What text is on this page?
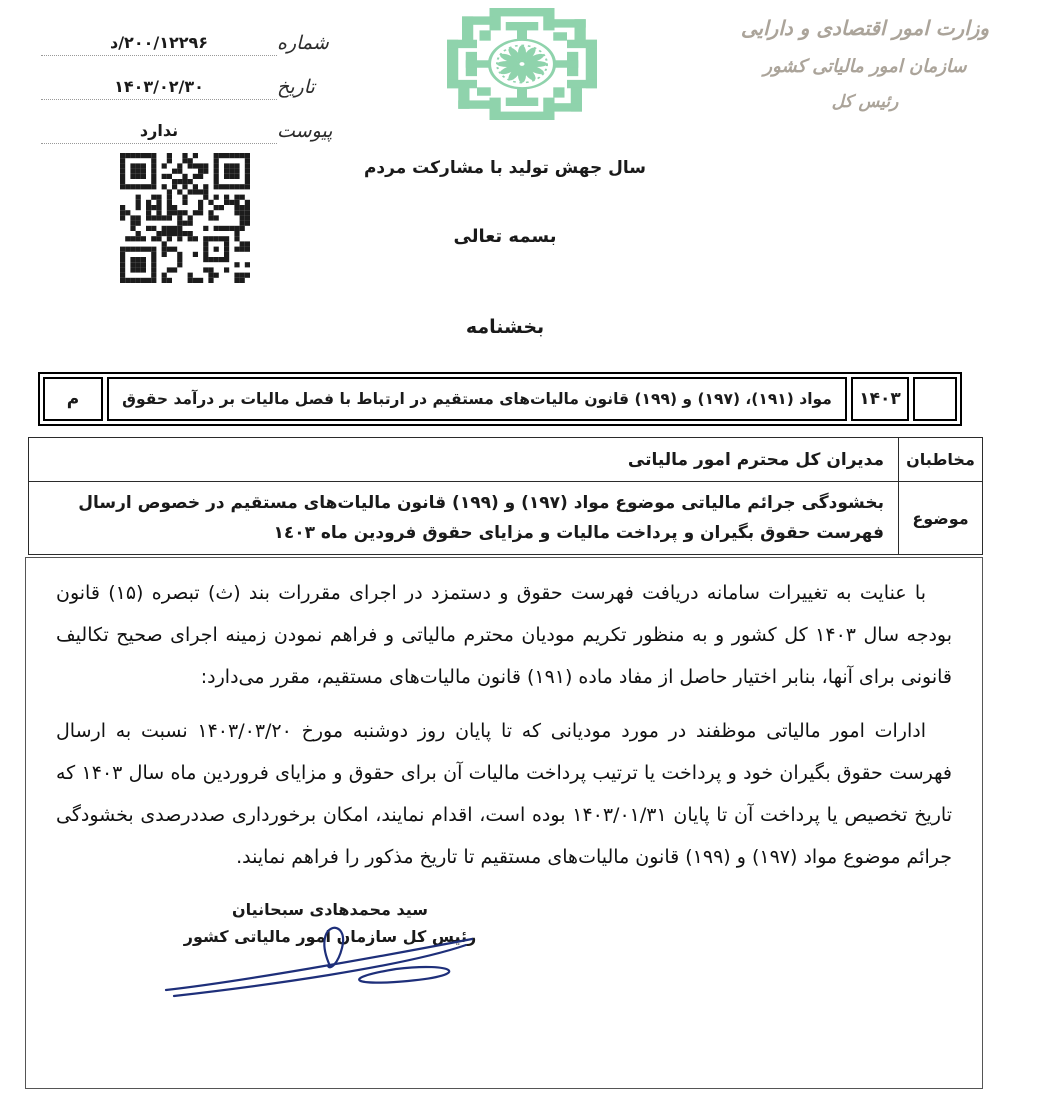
وزارت امور اقتصادی و دارایی
سازمان امور مالیاتی کشور
رئیس کل
شماره
۲۰۰/۱۲۲۹۶/د
تاریخ
۱۴۰۳/۰۲/۳۰
پیوست
ندارد
سال جهش تولید با مشارکت مردم
بسمه تعالی
بخشنامه
۱۴۰۳
مواد (۱۹۱)، (۱۹۷) و (۱۹۹) قانون مالیات‌های مستقیم در ارتباط با فصل مالیات بر درآمد حقوق
م
مخاطبان
مدیران کل محترم امور مالیاتی
موضوع
بخشودگی جرائم مالیاتی موضوع مواد (۱۹۷) و (۱۹۹) قانون مالیات‌های مستقیم در خصوص ارسال فهرست حقوق بگیران و پرداخت مالیات و مزایای حقوق فرودین ماه ١٤٠٣

با عنایت به تغییرات سامانه دریافت فهرست حقوق و دستمزد در اجرای مقررات بند (ث) تبصره (۱۵) قانون بودجه سال ۱۴۰۳ کل کشور و به منظور تکریم مودیان محترم مالیاتی و فراهم نمودن زمینه اجرای صحیح تکالیف قانونی برای آنها، بنابر اختیار حاصل از مفاد ماده (۱۹۱) قانون مالیات‌های مستقیم، مقرر می‌دارد:

ادارات امور مالیاتی موظفند در مورد مودیانی که تا پایان روز دوشنبه مورخ ۱۴۰۳/۰۳/۲۰ نسبت به ارسال فهرست حقوق بگیران خود و پرداخت یا ترتیب پرداخت مالیات آن برای حقوق و مزایای فروردین ماه سال ۱۴۰۳ که تاریخ تخصیص یا پرداخت آن تا پایان ۱۴۰۳/۰۱/۳۱ بوده است، اقدام نمایند، امکان برخورداری صددرصدی بخشودگی جرائم موضوع مواد (۱۹۷) و (۱۹۹) قانون مالیات‌های مستقیم تا تاریخ مذکور را فراهم نمایند.

سید محمدهادی سبحانیان
رئیس کل سازمان امور مالیاتی کشور
